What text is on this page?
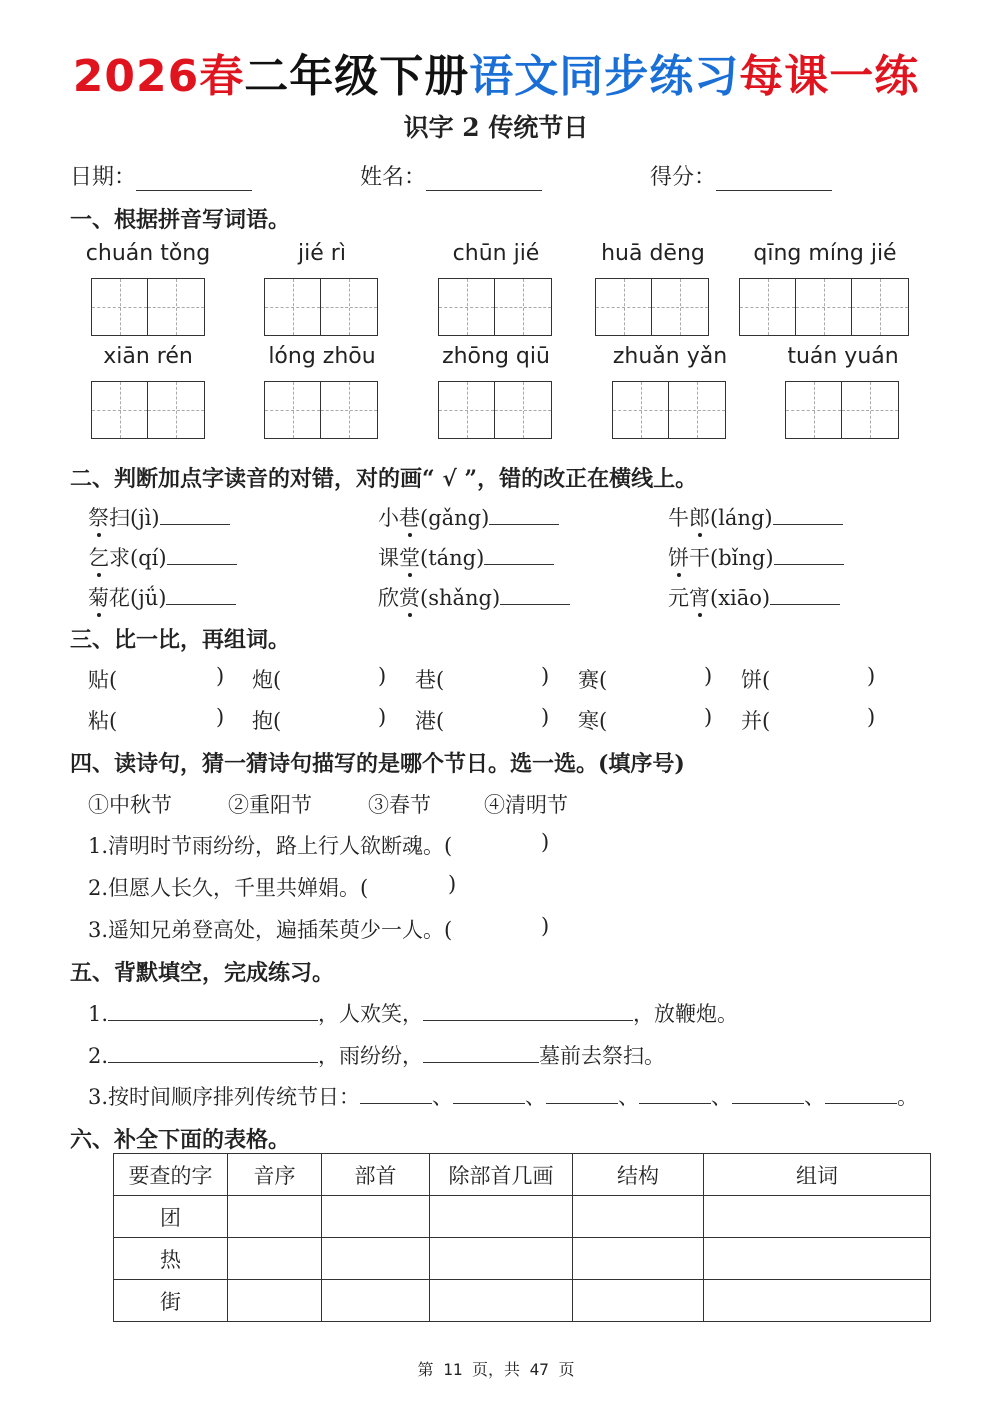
2026春二年级下册语文同步练习每课一练
识字 2 传统节日
日期：	姓名：	得分：
一、根据拼音写词语。
chuán tǒng	jié rì	chūn jié	huā dēng	qīng míng jié
xiān rén	lóng zhōu	zhōng qiū	zhuǎn yǎn	tuán yuán
二、判断加点字读音的对错，对的画“ √ ”，错的改正在横线上。
祭扫(jì)	小巷(gǎng)	牛郎(láng)
乞求(qí)	课堂(táng)	饼干(bǐng)
菊花(jǘ)	欣赏(shǎng)	元宵(xiāo)
三、比一比，再组词。
贴(	) 炮(	) 巷(	) 赛(	) 饼(	)
粘(	) 抱(	) 港(	) 寒(	) 并(	)
四、读诗句，猜一猜诗句描写的是哪个节日。选一选。(填序号)
①中秋节	②重阳节	③春节	④清明节
1.清明时节雨纷纷，路上行人欲断魂。(	)
2.但愿人长久，千里共婵娟。(	)
3.遥知兄弟登高处，遍插茱萸少一人。(	)
五、背默填空，完成练习。
1.	，人欢笑，	，放鞭炮。
2.	，雨纷纷，	墓前去祭扫。
3.按时间顺序排列传统节日：	、	、	、	、	、	。
六、补全下面的表格。
要查的字	音序	部首	除部首几画	结构	组词
团					
热					
街					
第 11 页，共 47 页
